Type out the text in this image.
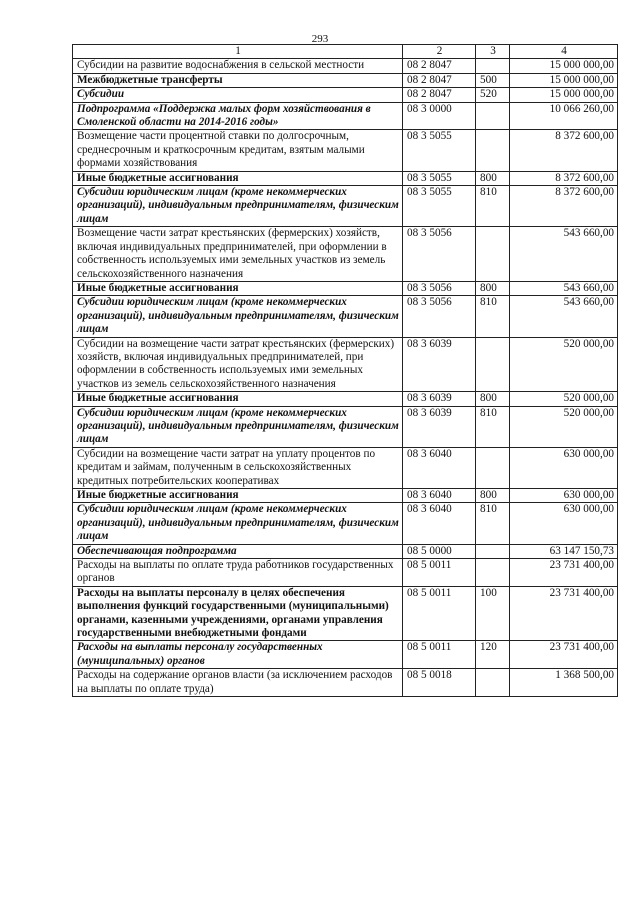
293
1	2	3	4
Субсидии на развитие водоснабжения в сельской местности	08 2 8047		15 000 000,00
Межбюджетные трансферты	08 2 8047	500	15 000 000,00
Субсидии	08 2 8047	520	15 000 000,00
Подпрограмма «Поддержка малых форм хозяйствования в Смоленской области на 2014-2016 годы»	08 3 0000		10 066 260,00
Возмещение части процентной ставки по долгосрочным, среднесрочным и краткосрочным кредитам, взятым малыми формами хозяйствования	08 3 5055		8 372 600,00
Иные бюджетные ассигнования	08 3 5055	800	8 372 600,00
Субсидии юридическим лицам (кроме некоммерческих организаций), индивидуальным предпринимателям, физическим лицам	08 3 5055	810	8 372 600,00
Возмещение части затрат крестьянских (фермерских) хозяйств, включая индивидуальных предпринимателей, при оформлении в собственность используемых ими земельных участков из земель сельскохозяйственного назначения	08 3 5056		543 660,00
Иные бюджетные ассигнования	08 3 5056	800	543 660,00
Субсидии юридическим лицам (кроме некоммерческих организаций), индивидуальным предпринимателям, физическим лицам	08 3 5056	810	543 660,00
Субсидии на возмещение части затрат крестьянских (фермерских) хозяйств, включая индивидуальных предпринимателей, при оформлении в собственность используемых ими земельных участков из земель сельскохозяйственного назначения	08 3 6039		520 000,00
Иные бюджетные ассигнования	08 3 6039	800	520 000,00
Субсидии юридическим лицам (кроме некоммерческих организаций), индивидуальным предпринимателям, физическим лицам	08 3 6039	810	520 000,00
Субсидии на возмещение части затрат на уплату процентов по кредитам и займам, полученным в сельскохозяйственных кредитных потребительских кооперативах	08 3 6040		630 000,00
Иные бюджетные ассигнования	08 3 6040	800	630 000,00
Субсидии юридическим лицам (кроме некоммерческих организаций), индивидуальным предпринимателям, физическим лицам	08 3 6040	810	630 000,00
Обеспечивающая подпрограмма	08 5 0000		63 147 150,73
Расходы на выплаты по оплате труда работников государственных органов	08 5 0011		23 731 400,00
Расходы на выплаты персоналу в целях обеспечения выполнения функций государственными (муниципальными) органами, казенными учреждениями, органами управления государственными внебюджетными фондами	08 5 0011	100	23 731 400,00
Расходы на выплаты персоналу государственных (муниципальных) органов	08 5 0011	120	23 731 400,00
Расходы на содержание органов власти (за исключением расходов на выплаты по оплате труда)	08 5 0018		1 368 500,00
